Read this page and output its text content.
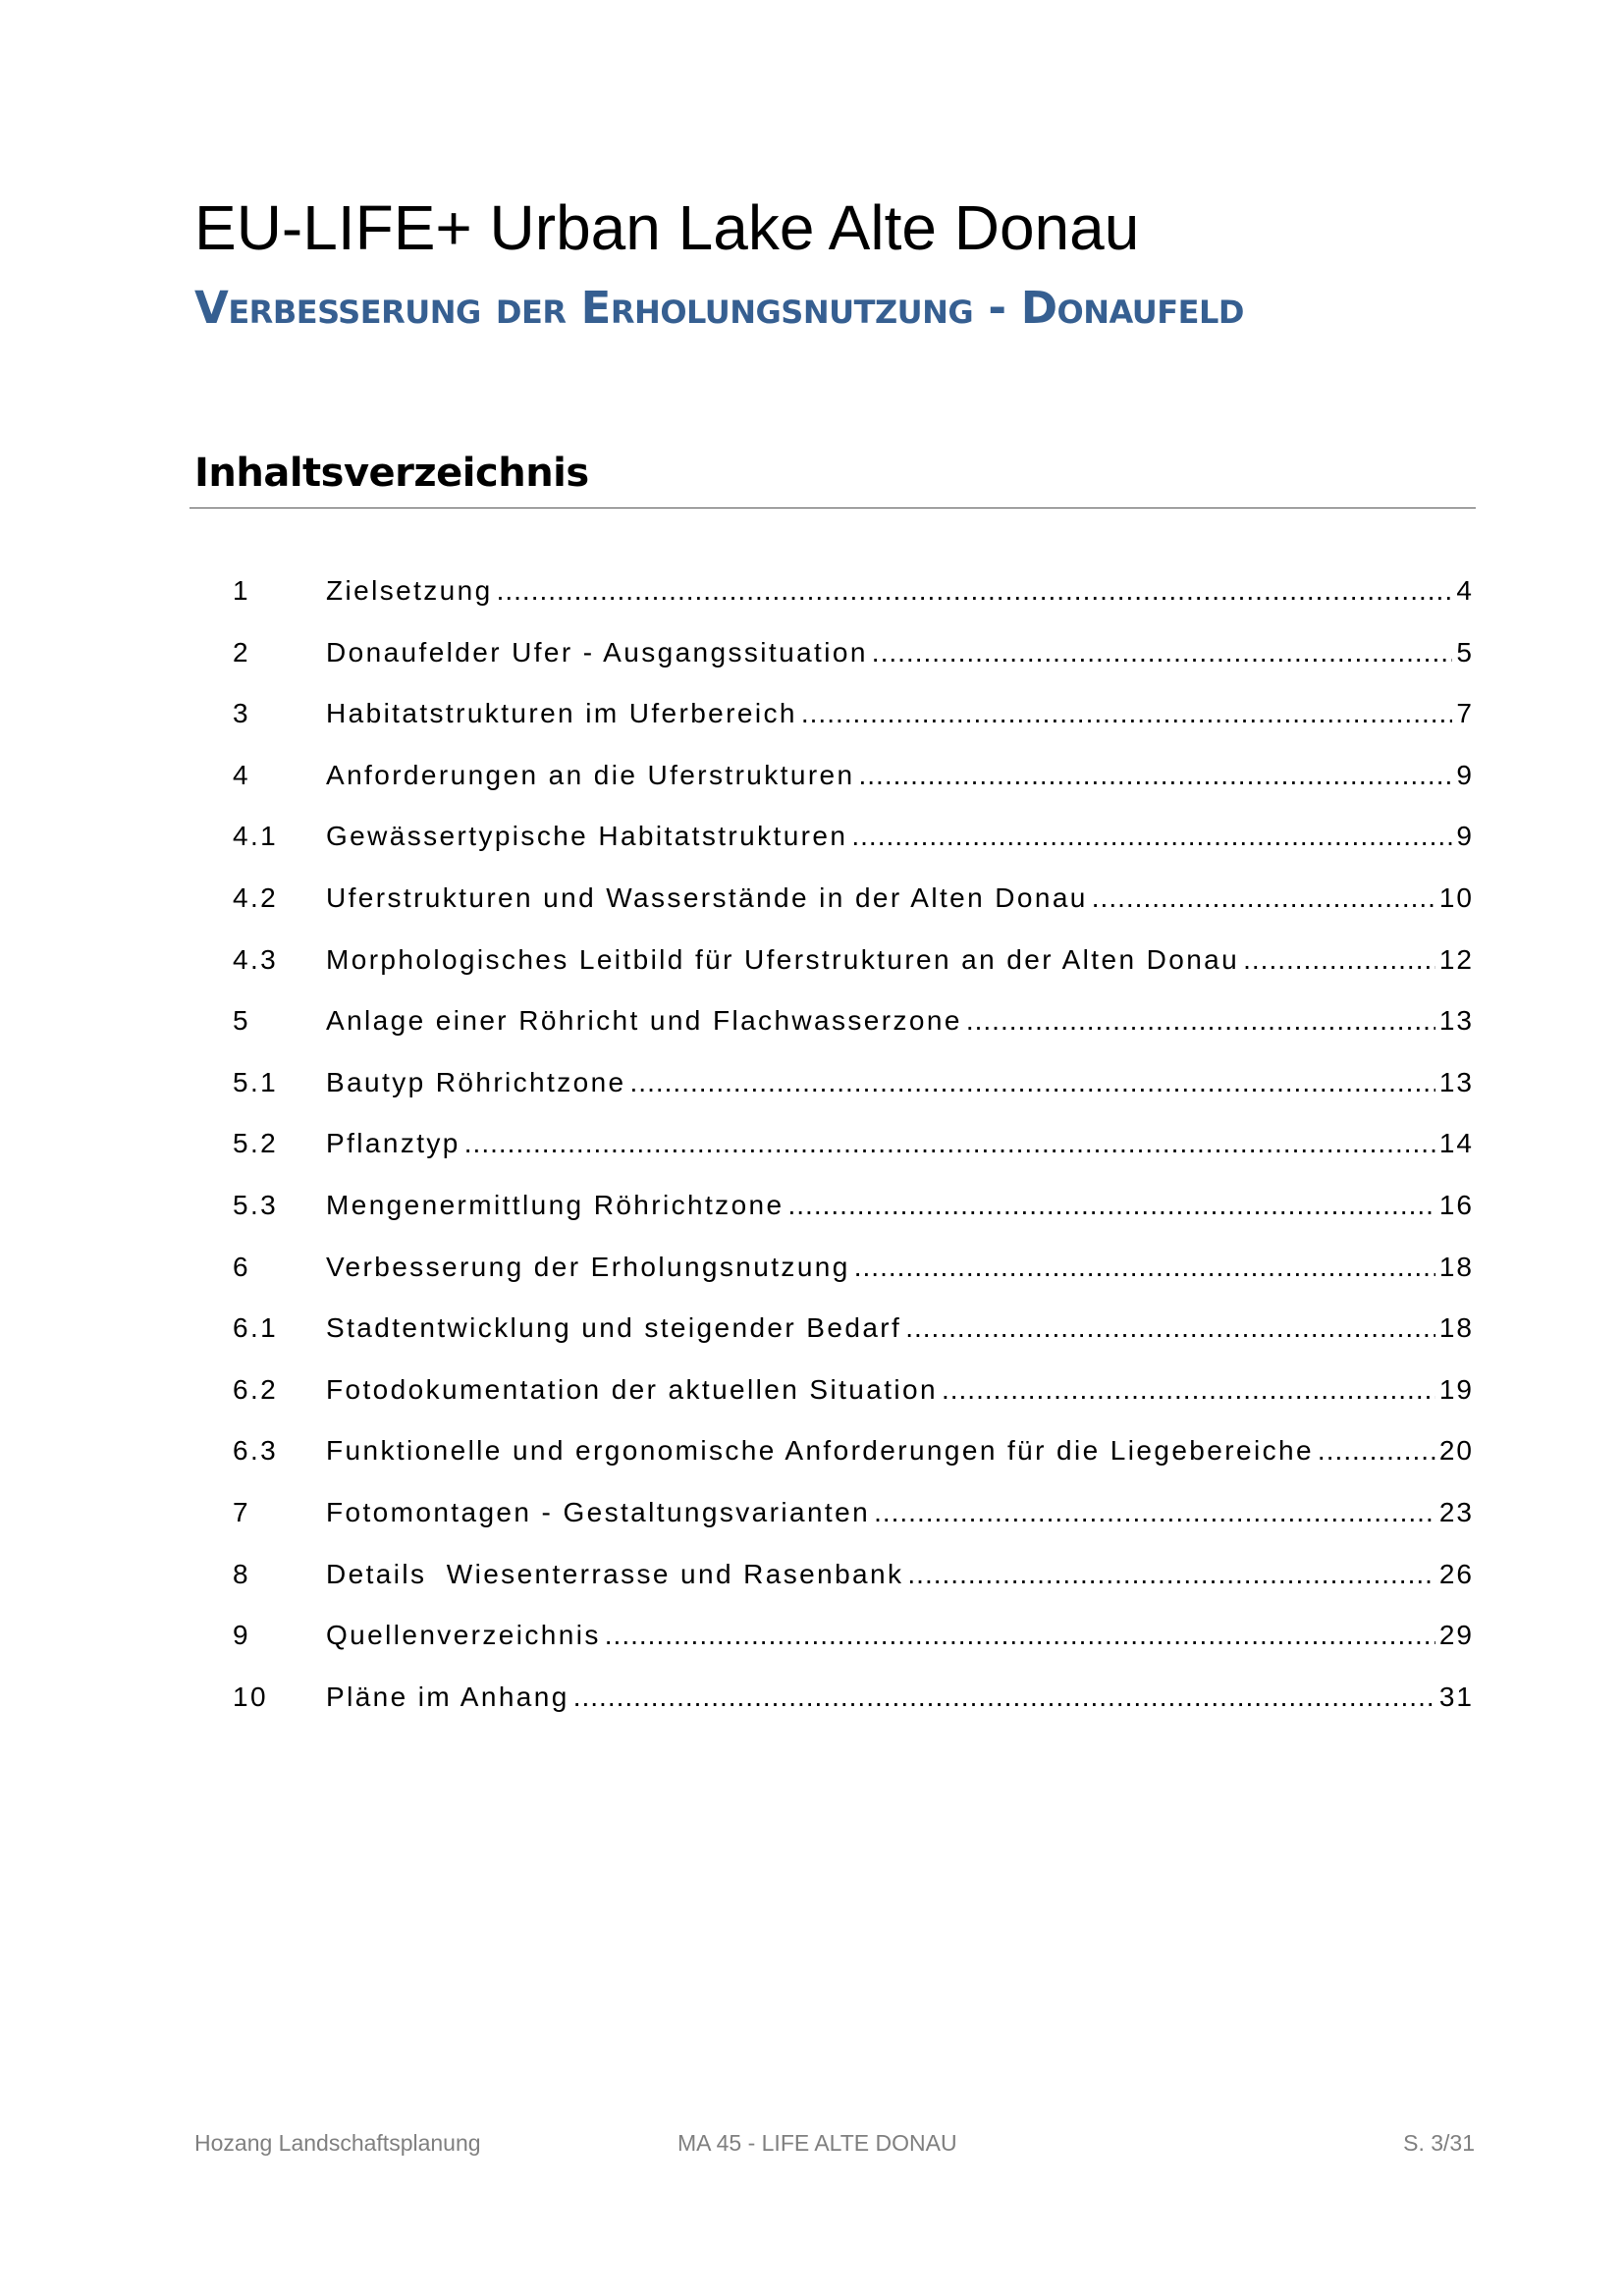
EU-LIFE+ Urban Lake Alte Donau
Verbesserung der Erholungsnutzung - Donaufeld
Inhaltsverzeichnis
1	Zielsetzung .....	4
2	Donaufelder Ufer - Ausgangssituation .....	5
3	Habitatstrukturen im Uferbereich .....	7
4	Anforderungen an die Uferstrukturen .....	9
4.1	Gewässertypische Habitatstrukturen .....	9
4.2	Uferstrukturen und Wasserstände in der Alten Donau .....	10
4.3	Morphologisches Leitbild für Uferstrukturen an der Alten Donau .....	12
5	Anlage einer Röhricht und Flachwasserzone .....	13
5.1	Bautyp Röhrichtzone .....	13
5.2	Pflanztyp .....	14
5.3	Mengenermittlung Röhrichtzone .....	16
6	Verbesserung der Erholungsnutzung .....	18
6.1	Stadtentwicklung und steigender Bedarf .....	18
6.2	Fotodokumentation der aktuellen Situation .....	19
6.3	Funktionelle und ergonomische Anforderungen für die Liegebereiche .....	20
7	Fotomontagen - Gestaltungsvarianten .....	23
8	Details  Wiesenterrasse und Rasenbank .....	26
9	Quellenverzeichnis .....	29
10	Pläne im Anhang .....	31

Hozang Landschaftsplanung	MA 45 - LIFE ALTE DONAU	S. 3/31
